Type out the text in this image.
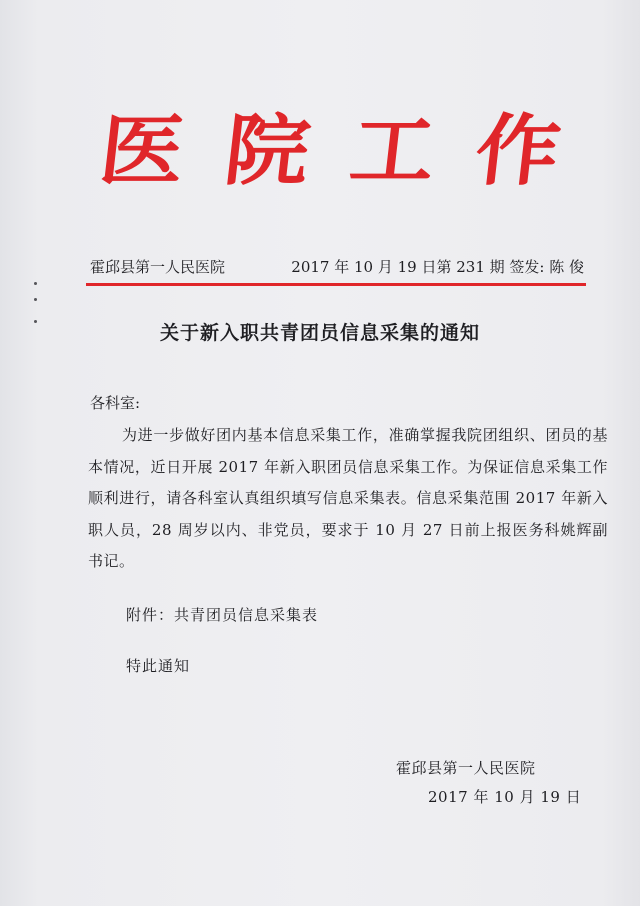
医 院 工 作
霍邱县第一人民医院	2017 年 10 月 19 日第 231 期 签发: 陈 俊
关于新入职共青团员信息采集的通知
各科室:

为进一步做好团内基本信息采集工作，准确掌握我院团组织、团员的基本情况，近日开展 2017 年新入职团员信息采集工作。为保证信息采集工作顺利进行，请各科室认真组织填写信息采集表。信息采集范围 2017 年新入职人员，28 周岁以内、非党员，要求于 10 月 27 日前上报医务科姚辉副书记。

附件：共青团员信息采集表
特此通知
霍邱县第一人民医院
2017 年 10 月 19 日
